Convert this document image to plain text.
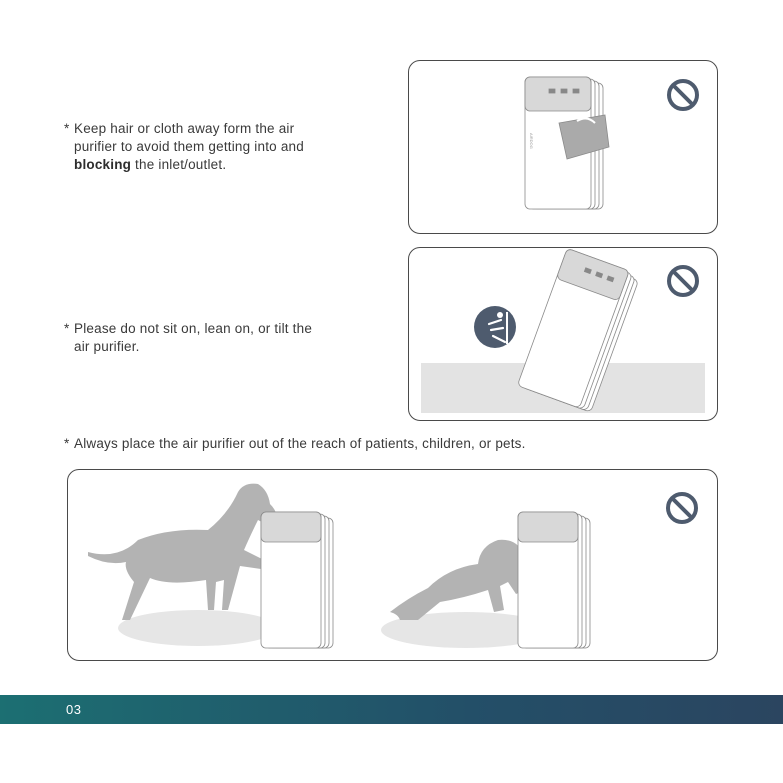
* Keep hair or cloth away form the air
purifier to avoid them getting into and
blocking the inlet/outlet.
* Please do not sit on, lean on, or tilt the
air purifier.
* Always place the air purifier out of the reach of patients, children, or pets.
AIRDOG
03
